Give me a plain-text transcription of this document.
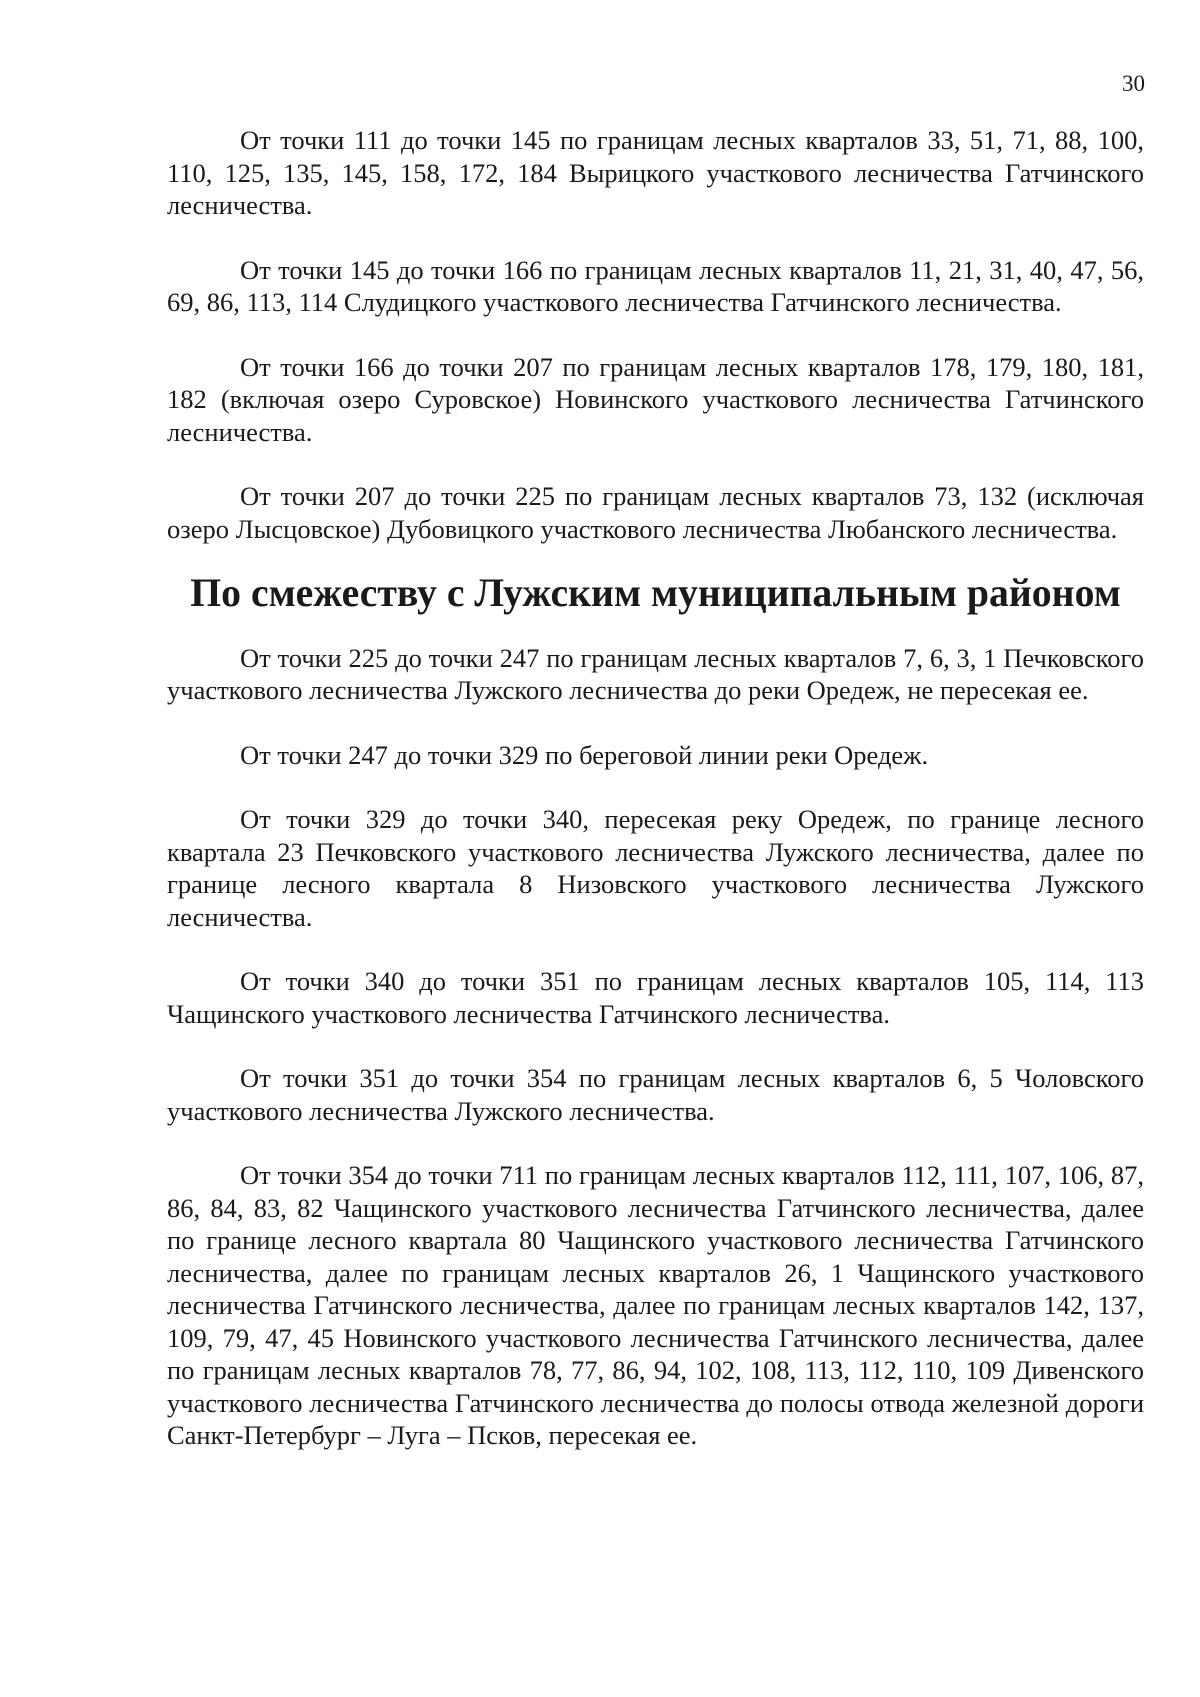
30

От точки 111 до точки 145 по границам лесных кварталов 33, 51, 71, 88, 100, 110, 125, 135, 145, 158, 172, 184 Вырицкого участкового лесничества Гатчинского лесничества.

От точки 145 до точки 166 по границам лесных кварталов 11, 21, 31, 40, 47, 56, 69, 86, 113, 114 Слудицкого участкового лесничества Гатчинского лесничества.

От точки 166 до точки 207 по границам лесных кварталов 178, 179, 180, 181, 182 (включая озеро Суровское) Новинского участкового лесничества Гатчинского лесничества.

От точки 207 до точки 225 по границам лесных кварталов 73, 132 (исключая озеро Лысцовское) Дубовицкого участкового лесничества Любанского лесничества.

По смежеству с Лужским муниципальным районом

От точки 225 до точки 247 по границам лесных кварталов 7, 6, 3, 1 Печковского участкового лесничества Лужского лесничества до реки Оредеж, не пересекая ее.

От точки 247 до точки 329 по береговой линии реки Оредеж.

От точки 329 до точки 340, пересекая реку Оредеж, по границе лесного квартала 23 Печковского участкового лесничества Лужского лесничества, далее по границе лесного квартала 8 Низовского участкового лесничества Лужского лесничества.

От точки 340 до точки 351 по границам лесных кварталов 105, 114, 113 Чащинского участкового лесничества Гатчинского лесничества.

От точки 351 до точки 354 по границам лесных кварталов 6, 5 Чоловского участкового лесничества Лужского лесничества.

От точки 354 до точки 711 по границам лесных кварталов 112, 111, 107, 106, 87, 86, 84, 83, 82 Чащинского участкового лесничества Гатчинского лесничества, далее по границе лесного квартала 80 Чащинского участкового лесничества Гатчинского лесничества, далее по границам лесных кварталов 26, 1 Чащинского участкового лесничества Гатчинского лесничества, далее по границам лесных кварталов 142, 137, 109, 79, 47, 45 Новинского участкового лесничества Гатчинского лесничества, далее по границам лесных кварталов 78, 77, 86, 94, 102, 108, 113, 112, 110, 109 Дивенского участкового лесничества Гатчинского лесничества до полосы отвода железной дороги Санкт-Петербург – Луга – Псков, пересекая ее.
